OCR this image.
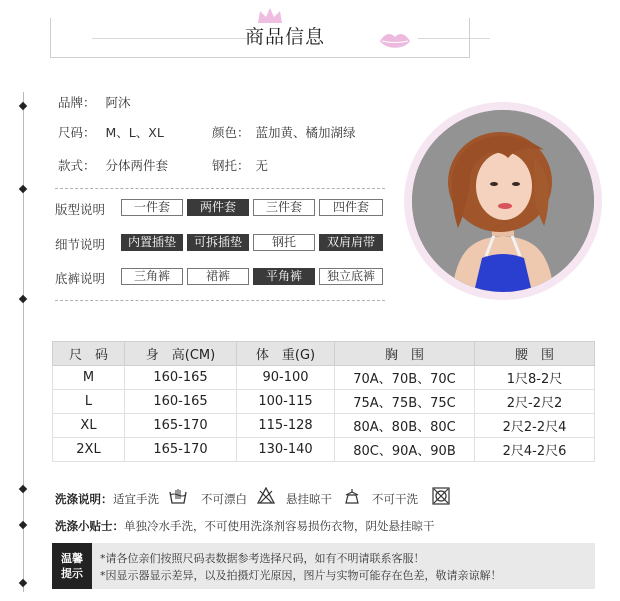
商品信息
品牌： 阿沐
尺码： M、L、XL	颜色： 蓝加黄、橘加湖绿
款式： 分体两件套	钢托： 无
版型说明	一件套	两件套	三件套	四件套
细节说明	内置插垫	可拆插垫	钢托	双肩肩带
底裤说明	三角裤	裙裤	平角裤	独立底裤
尺　码	身　高(CM)	体　重(G)	胸　围	腰　围
M	160-165	90-100	70A、70B、70C	1尺8-2尺
L	160-165	100-115	75A、75B、75C	2尺-2尺2
XL	165-170	115-128	80A、80B、80C	2尺2-2尺4
2XL	165-170	130-140	80C、90A、90B	2尺4-2尺6
洗涤说明： 适宜手洗	不可漂白	悬挂晾干	不可干洗
洗涤小贴士：单独冷水手洗，不可使用洗涤剂容易损伤衣物，阴处悬挂晾干
温馨
提示
*请各位亲们按照尺码表数据参考选择尺码，如有不明请联系客服！
*因显示器显示差异，以及拍摄灯光原因，图片与实物可能存在色差，敬请亲谅解！
